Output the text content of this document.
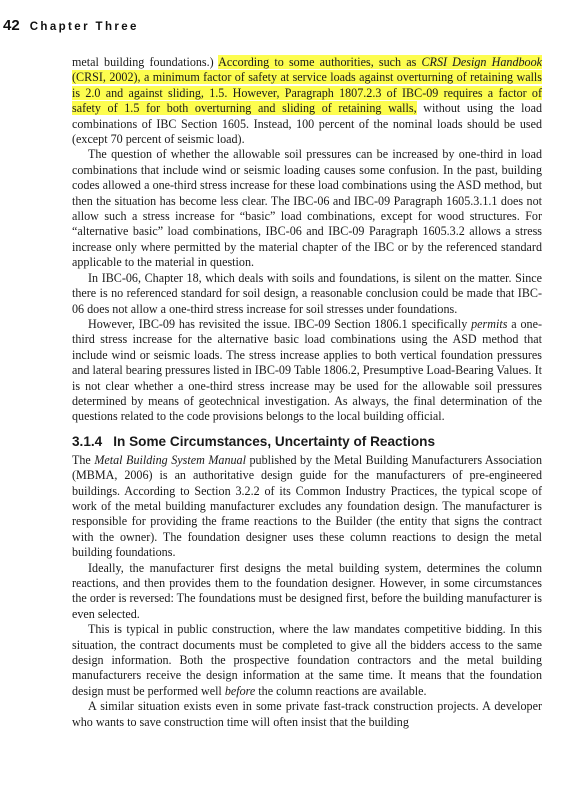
42 Chapter Three

metal building foundations.) According to some authorities, such as CRSI Design Handbook (CRSI, 2002), a minimum factor of safety at service loads against overturning of retaining walls is 2.0 and against sliding, 1.5. However, Paragraph 1807.2.3 of IBC-09 requires a factor of safety of 1.5 for both overturning and sliding of retaining walls, without using the load combinations of IBC Section 1605. Instead, 100 percent of the nominal loads should be used (except 70 percent of seismic load).

The question of whether the allowable soil pressures can be increased by one-third in load combinations that include wind or seismic loading causes some confusion. In the past, building codes allowed a one-third stress increase for these load combinations using the ASD method, but then the situation has become less clear. The IBC-06 and IBC-09 Paragraph 1605.3.1.1 does not allow such a stress increase for “basic” load combinations, except for wood structures. For “alternative basic” load combinations, IBC-06 and IBC-09 Paragraph 1605.3.2 allows a stress increase only where permitted by the material chapter of the IBC or by the referenced standard applicable to the material in question.

In IBC-06, Chapter 18, which deals with soils and foundations, is silent on the matter. Since there is no referenced standard for soil design, a reasonable conclusion could be made that IBC-06 does not allow a one-third stress increase for soil stresses under foundations.

However, IBC-09 has revisited the issue. IBC-09 Section 1806.1 specifically permits a one-third stress increase for the alternative basic load combinations using the ASD method that include wind or seismic loads. The stress increase applies to both vertical foundation pressures and lateral bearing pressures listed in IBC-09 Table 1806.2, Presumptive Load-Bearing Values. It is not clear whether a one-third stress increase may be used for the allowable soil pressures determined by means of geotechnical investigation. As always, the final determination of the questions related to the code provisions belongs to the local building official.

3.1.4 In Some Circumstances, Uncertainty of Reactions

The Metal Building System Manual published by the Metal Building Manufacturers Association (MBMA, 2006) is an authoritative design guide for the manufacturers of pre-engineered buildings. According to Section 3.2.2 of its Common Industry Practices, the typical scope of work of the metal building manufacturer excludes any foundation design. The manufacturer is responsible for providing the frame reactions to the Builder (the entity that signs the contract with the owner). The foundation designer uses these column reactions to design the metal building foundations.

Ideally, the manufacturer first designs the metal building system, determines the column reactions, and then provides them to the foundation designer. However, in some circumstances the order is reversed: The foundations must be designed first, before the building manufacturer is even selected.

This is typical in public construction, where the law mandates competitive bidding. In this situation, the contract documents must be completed to give all the bidders access to the same design information. Both the prospective foundation contractors and the metal building manufacturers receive the design information at the same time. It means that the foundation design must be performed well before the column reactions are available.

A similar situation exists even in some private fast-track construction projects. A developer who wants to save construction time will often insist that the building
